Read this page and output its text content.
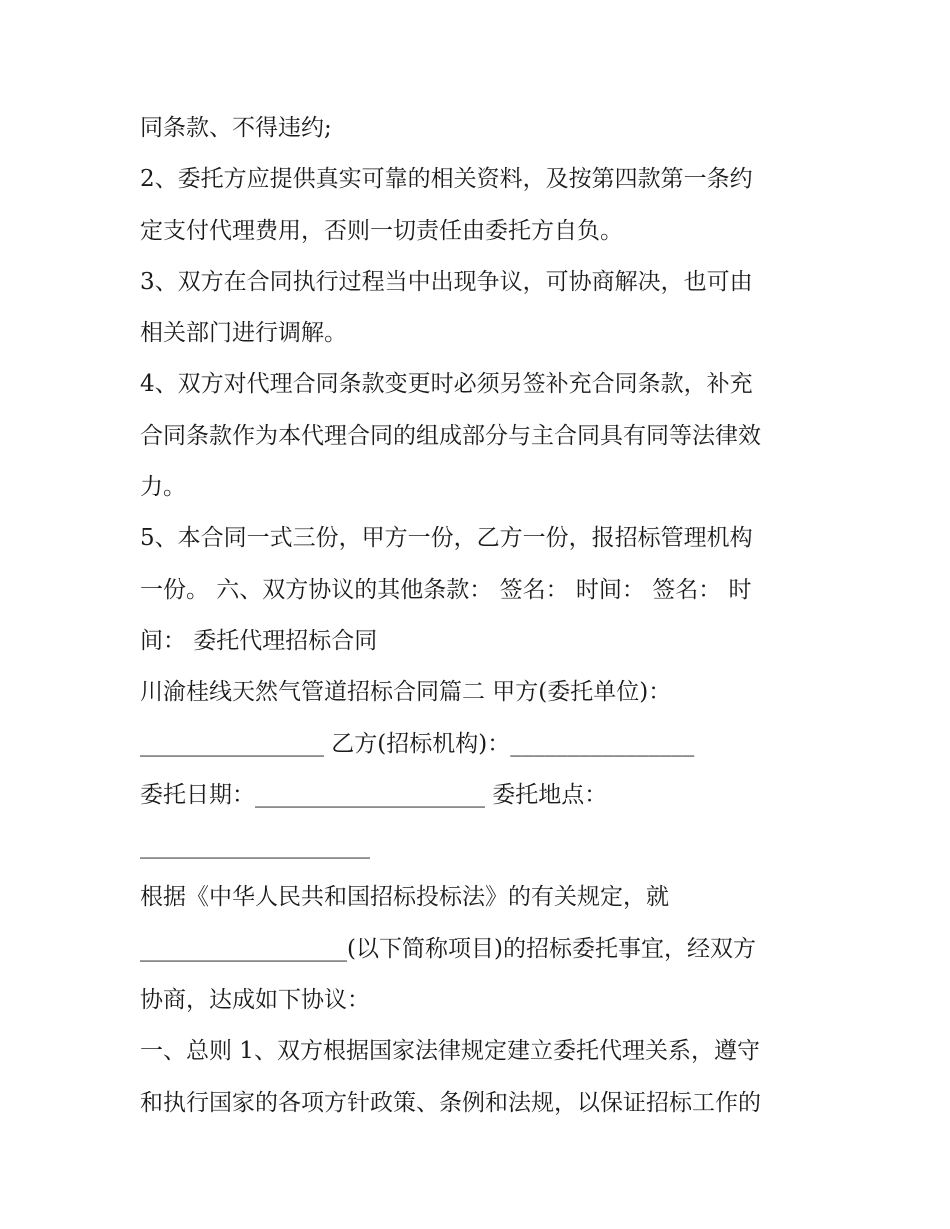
同条款、不得违约;
2、委托方应提供真实可靠的相关资料，及按第四款第一条约
定支付代理费用，否则一切责任由委托方自负。
3、双方在合同执行过程当中出现争议，可协商解决，也可由
相关部门进行调解。
4、双方对代理合同条款变更时必须另签补充合同条款，补充
合同条款作为本代理合同的组成部分与主合同具有同等法律效
力。
5、本合同一式三份，甲方一份，乙方一份，报招标管理机构
一份。 六、双方协议的其他条款： 签名： 时间： 签名： 时
间： 委托代理招标合同
川渝桂线天然气管道招标合同篇二 甲方(委托单位)：
________________ 乙方(招标机构)：________________
委托日期：____________________ 委托地点：
____________________
根据《中华人民共和国招标投标法》的有关规定，就
__________________(以下简称项目)的招标委托事宜，经双方
协商，达成如下协议：
一、总则 1、双方根据国家法律规定建立委托代理关系，遵守
和执行国家的各项方针政策、条例和法规，以保证招标工作的
